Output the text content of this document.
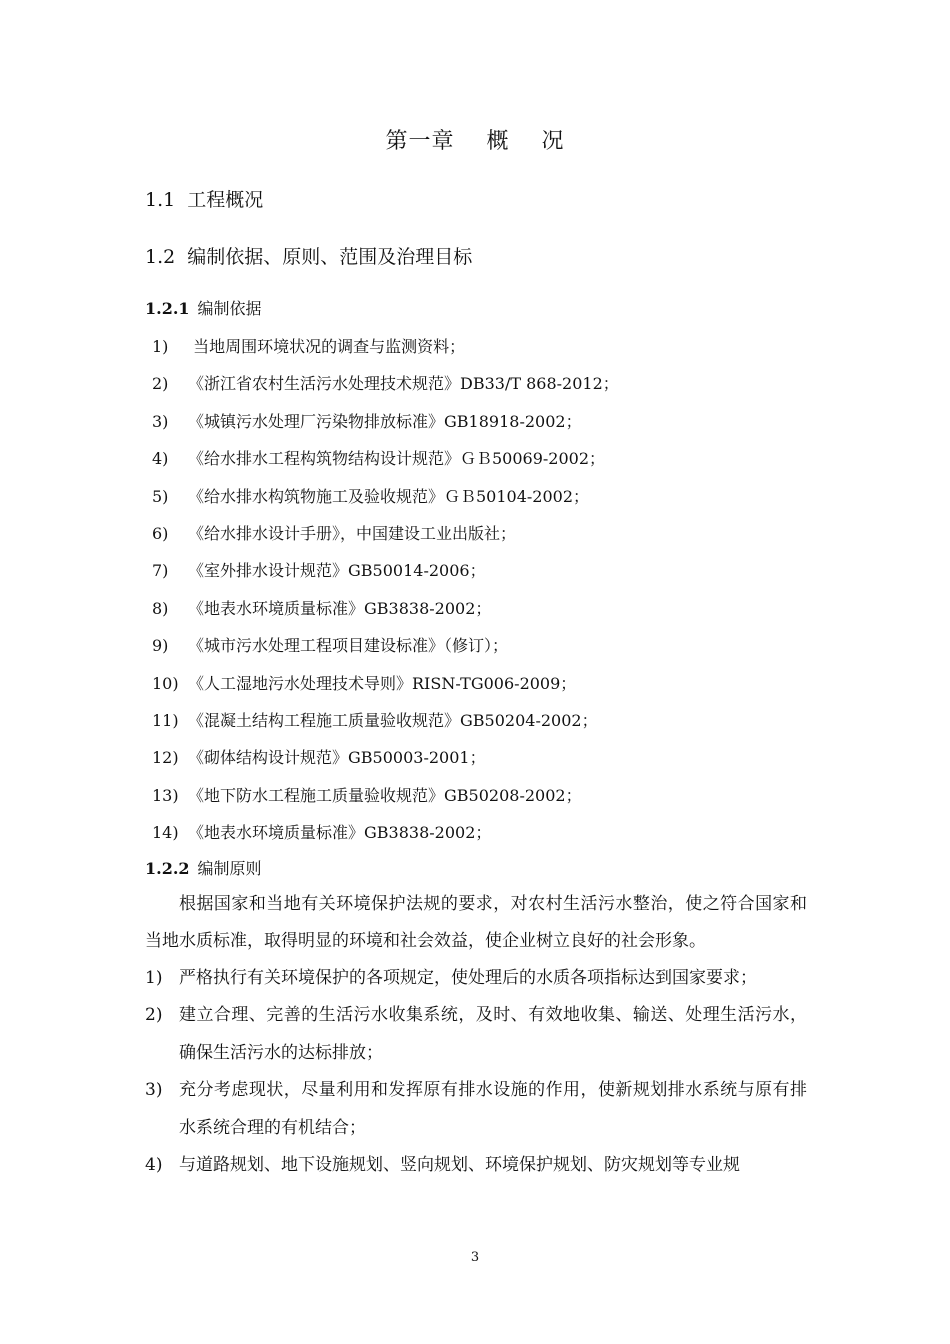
第一章    概    况
1.1 工程概况
1.2 编制依据、原则、范围及治理目标
1.2.1 编制依据
1) 当地周围环境状况的调查与监测资料；
2) 《浙江省农村生活污水处理技术规范》DB33/T 868-2012；
3) 《城镇污水处理厂污染物排放标准》GB18918-2002；
4) 《给水排水工程构筑物结构设计规范》ＧＢ50069-2002；
5) 《给水排水构筑物施工及验收规范》ＧＢ50104-2002；
6) 《给水排水设计手册》，中国建设工业出版社；
7) 《室外排水设计规范》GB50014-2006；
8) 《地表水环境质量标准》GB3838-2002；
9) 《城市污水处理工程项目建设标准》（修订）；
10) 《人工湿地污水处理技术导则》RISN-TG006-2009；
11) 《混凝土结构工程施工质量验收规范》GB50204-2002；
12) 《砌体结构设计规范》GB50003-2001；
13) 《地下防水工程施工质量验收规范》GB50208-2002；
14) 《地表水环境质量标准》GB3838-2002；
1.2.2 编制原则

根据国家和当地有关环境保护法规的要求，对农村生活污水整治，使之符合国家和当地水质标准，取得明显的环境和社会效益，使企业树立良好的社会形象。

1) 严格执行有关环境保护的各项规定，使处理后的水质各项指标达到国家要求；
2) 建立合理、完善的生活污水收集系统，及时、有效地收集、输送、处理生活污水，确保生活污水的达标排放；
3) 充分考虑现状，尽量利用和发挥原有排水设施的作用，使新规划排水系统与原有排水系统合理的有机结合；
4) 与道路规划、地下设施规划、竖向规划、环境保护规划、防灾规划等专业规
3
